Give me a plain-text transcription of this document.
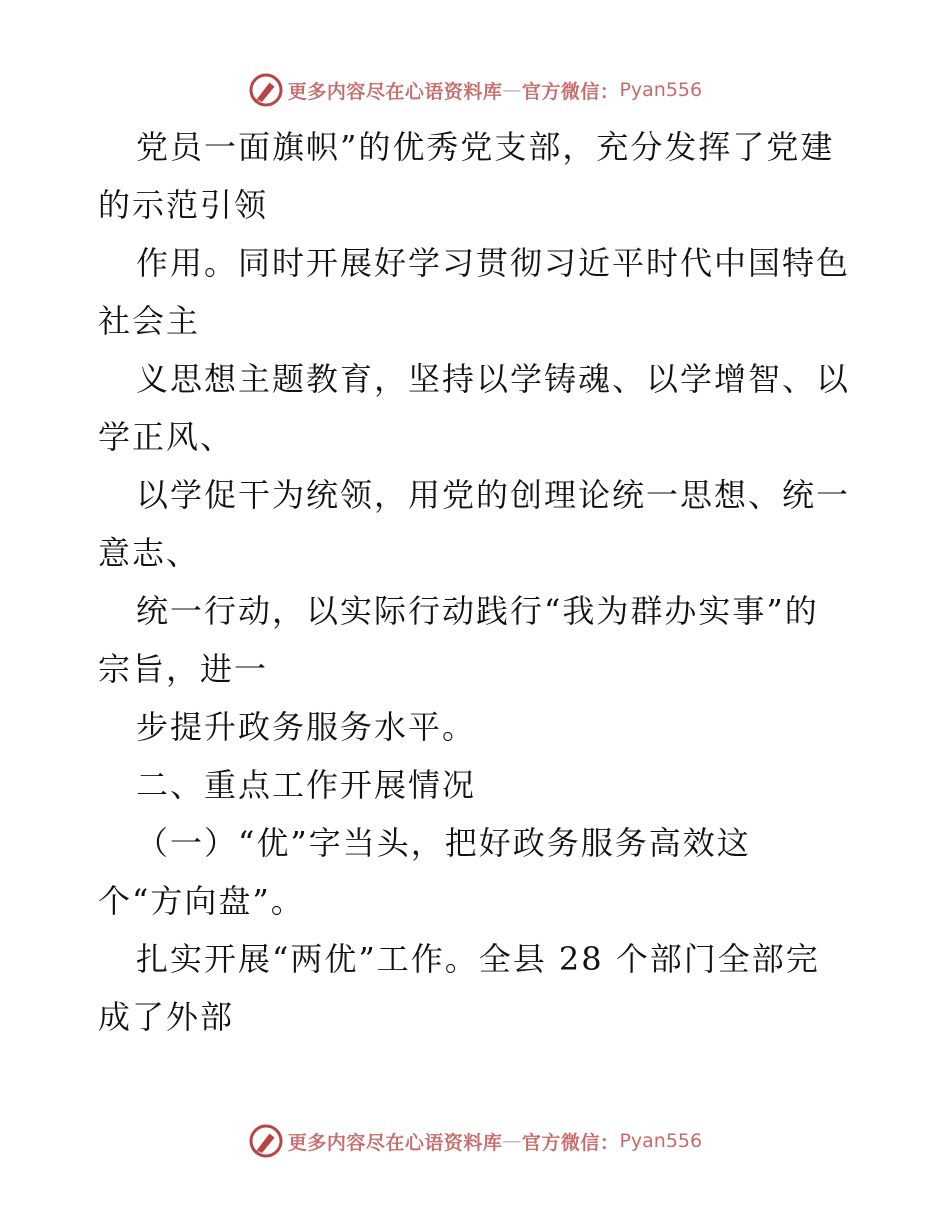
更多内容尽在心语资料库 — 官方微信： Pyan556
党员一面旗帜”的优秀党支部，充分发挥了党建
的示范引领
作用。同时开展好学习贯彻习近平时代中国特色
社会主
义思想主题教育，坚持以学铸魂、以学增智、以
学正风、
以学促干为统领，用党的创理论统一思想、统一
意志、
统一行动，以实际行动践行“我为群办实事”的
宗旨，进一
步提升政务服务水平。
二、重点工作开展情况
（一）“优”字当头，把好政务服务高效这
个“方向盘”。
扎实开展“两优”工作。全县 28 个部门全部完
成了外部
更多内容尽在心语资料库 — 官方微信： Pyan556
